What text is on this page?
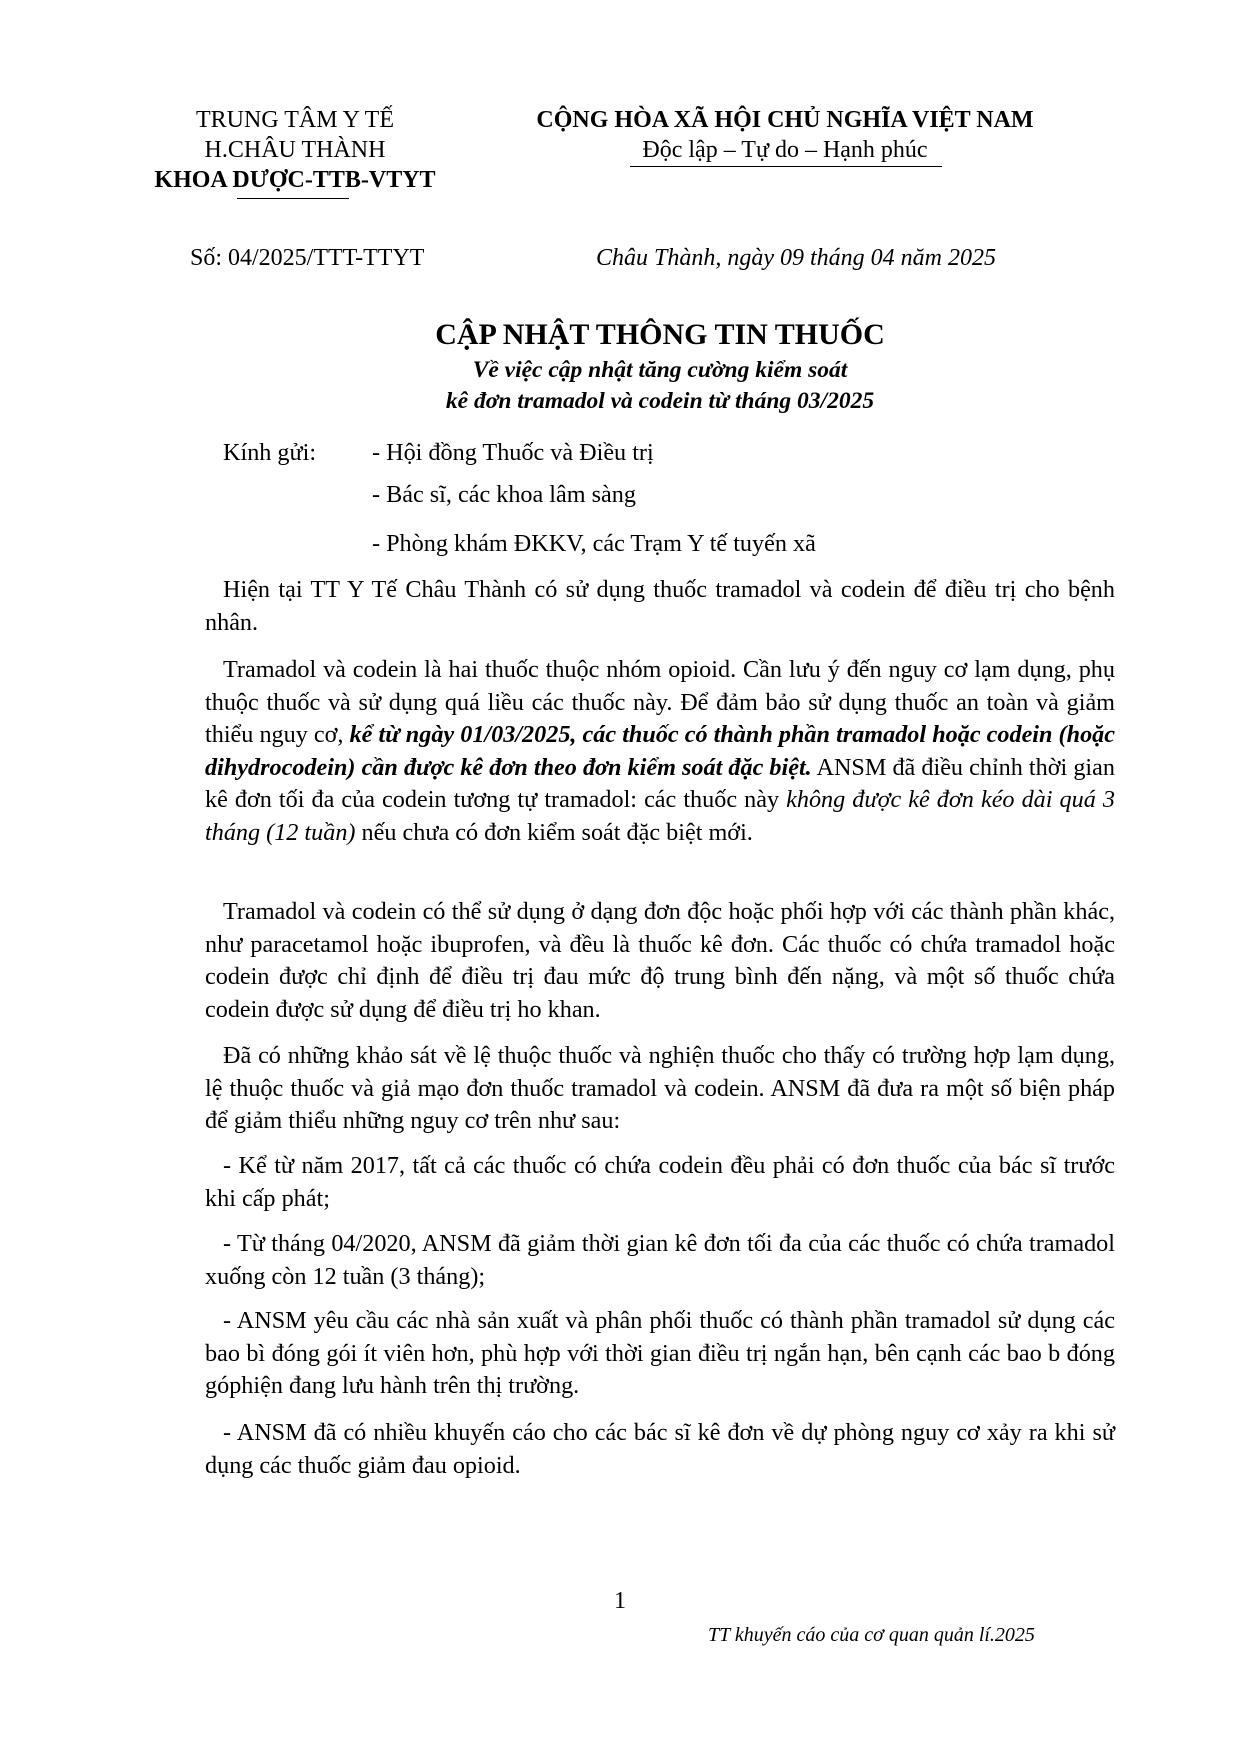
TRUNG TÂM Y TẾ
H.CHÂU THÀNH
KHOA DƯỢC-TTB-VTYT
CỘNG HÒA XÃ HỘI CHỦ NGHĨA VIỆT NAM
Độc lập – Tự do – Hạnh phúc
Số: 04/2025/TTT-TTYT	Châu Thành, ngày 09 tháng 04 năm 2025
CẬP NHẬT THÔNG TIN THUỐC
Về việc cập nhật tăng cường kiểm soát
kê đơn tramadol và codein từ tháng 03/2025
Kính gửi: - Hội đồng Thuốc và Điều trị
- Bác sĩ, các khoa lâm sàng
- Phòng khám ĐKKV, các Trạm Y tế tuyến xã
Hiện tại TT Y Tế Châu Thành có sử dụng thuốc tramadol và codein để điều trị cho bệnh nhân.
Tramadol và codein là hai thuốc thuộc nhóm opioid. Cần lưu ý đến nguy cơ lạm dụng, phụ thuộc thuốc và sử dụng quá liều các thuốc này. Để đảm bảo sử dụng thuốc an toàn và giảm thiểu nguy cơ, kể từ ngày 01/03/2025, các thuốc có thành phần tramadol hoặc codein (hoặc dihydrocodein) cần được kê đơn theo đơn kiểm soát đặc biệt. ANSM đã điều chỉnh thời gian kê đơn tối đa của codein tương tự tramadol: các thuốc này không được kê đơn kéo dài quá 3 tháng (12 tuần) nếu chưa có đơn kiểm soát đặc biệt mới.
Tramadol và codein có thể sử dụng ở dạng đơn độc hoặc phối hợp với các thành phần khác, như paracetamol hoặc ibuprofen, và đều là thuốc kê đơn. Các thuốc có chứa tramadol hoặc codein được chỉ định để điều trị đau mức độ trung bình đến nặng, và một số thuốc chứa codein được sử dụng để điều trị ho khan.
Đã có những khảo sát về lệ thuộc thuốc và nghiện thuốc cho thấy có trường hợp lạm dụng, lệ thuộc thuốc và giả mạo đơn thuốc tramadol và codein. ANSM đã đưa ra một số biện pháp để giảm thiểu những nguy cơ trên như sau:
- Kể từ năm 2017, tất cả các thuốc có chứa codein đều phải có đơn thuốc của bác sĩ trước khi cấp phát;
- Từ tháng 04/2020, ANSM đã giảm thời gian kê đơn tối đa của các thuốc có chứa tramadol xuống còn 12 tuần (3 tháng);
- ANSM yêu cầu các nhà sản xuất và phân phối thuốc có thành phần tramadol sử dụng các bao bì đóng gói ít viên hơn, phù hợp với thời gian điều trị ngắn hạn, bên cạnh các bao b đóng góphiện đang lưu hành trên thị trường.
- ANSM đã có nhiều khuyến cáo cho các bác sĩ kê đơn về dự phòng nguy cơ xảy ra khi sử dụng các thuốc giảm đau opioid.
1
TT khuyến cáo của cơ quan quản lí.2025
